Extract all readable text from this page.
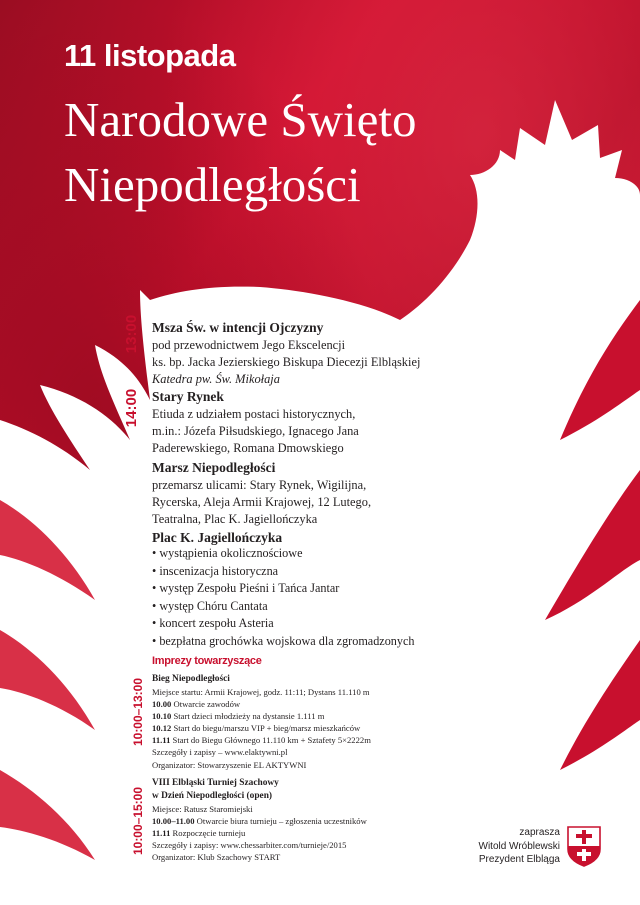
11 listopada
Narodowe Święto
Niepodległości
13:00 Msza Św. w intencji Ojczyzny
pod przewodnictwem Jego Ekscelencji
ks. bp. Jacka Jezierskiego Biskupa Diecezji Elbląskiej
Katedra pw. Św. Mikołaja
14:00 Stary Rynek
Etiuda z udziałem postaci historycznych,
m.in.: Józefa Piłsudskiego, Ignacego Jana
Paderewskiego, Romana Dmowskiego
Marsz Niepodległości
przemarsz ulicami: Stary Rynek, Wigilijna,
Rycerska, Aleja Armii Krajowej, 12 Lutego,
Teatralna, Plac K. Jagiellończyka
Plac K. Jagiellończyka
• wystąpienia okolicznościowe
• inscenizacja historyczna
• występ Zespołu Pieśni i Tańca Jantar
• występ Chóru Cantata
• koncert zespołu Asteria
• bezpłatna grochówka wojskowa dla zgromadzonych
Imprezy towarzyszące
10:00–13:00 Bieg Niepodległości
Miejsce startu: Armii Krajowej, godz. 11:11; Dystans 11.110 m
10.00 Otwarcie zawodów
10.10 Start dzieci młodzieży na dystansie 1.111 m
10.12 Start do biegu/marszu VIP + bieg/marsz mieszkańców
11.11 Start do Biegu Głównego 11.110 km + Sztafety 5×2222m
Szczegóły i zapisy – www.elaktywni.pl
Organizator: Stowarzyszenie EL AKTYWNI
10:00–15:00
VIII Elbląski Turniej Szachowy
w Dzień Niepodległości (open)
Miejsce: Ratusz Staromiejski
10.00–11.00 Otwarcie biura turnieju – zgłoszenia uczestników
11.11 Rozpoczęcie turnieju
Szczegóły i zapisy: www.chessarbiter.com/turnieje/2015
Organizator: Klub Szachowy START
zaprasza
Witold Wróblewski
Prezydent Elbląga
